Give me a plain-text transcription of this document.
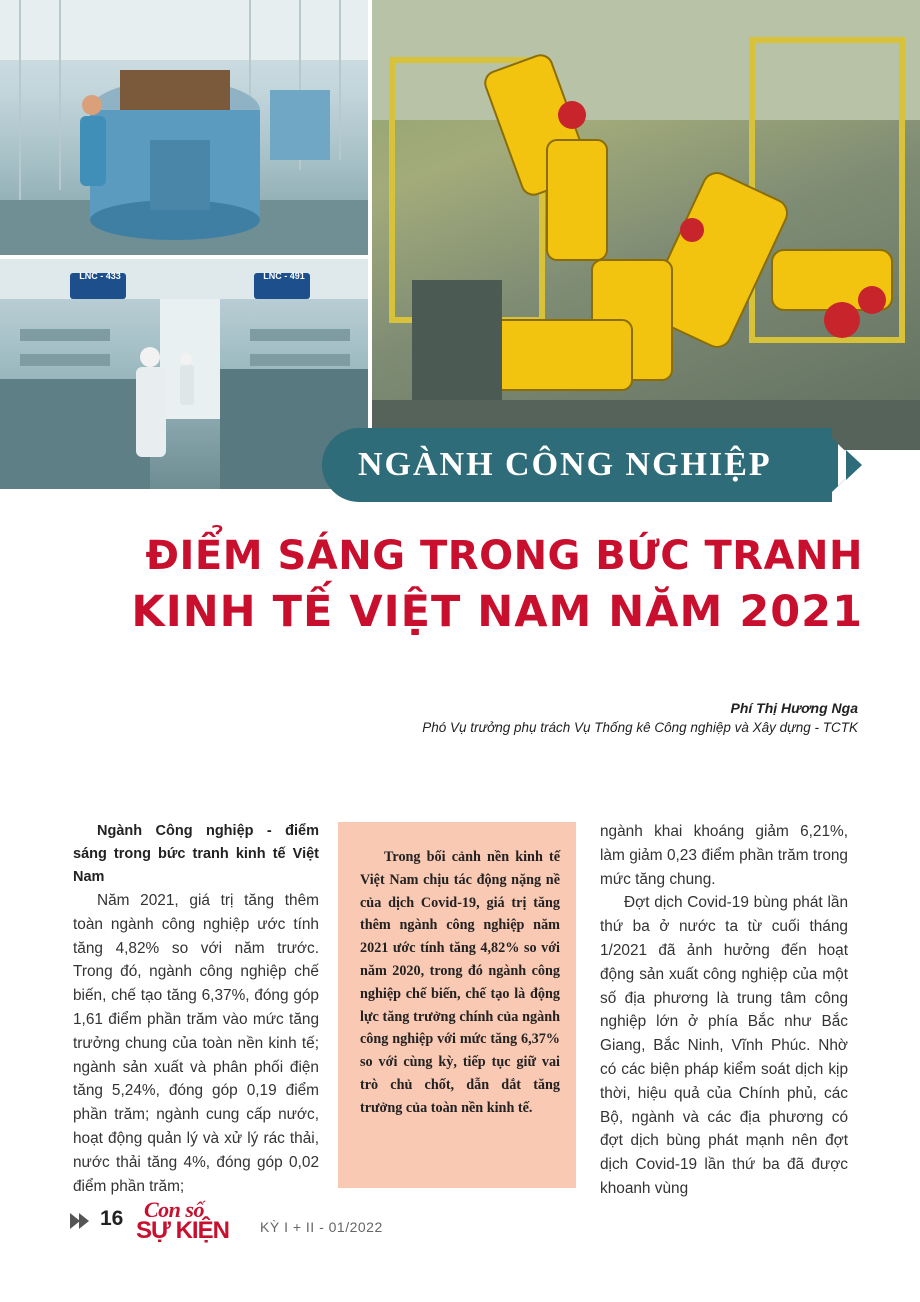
LNC - 433	LNC - 491
NGÀNH CÔNG NGHIỆP
ĐIỂM SÁNG TRONG BỨC TRANH
KINH TẾ VIỆT NAM NĂM 2021
Phí Thị Hương Nga
Phó Vụ trưởng phụ trách Vụ Thống kê Công nghiệp và Xây dựng - TCTK
Ngành Công nghiệp - điểm sáng trong bức tranh kinh tế Việt Nam

Năm 2021, giá trị tăng thêm toàn ngành công nghiệp ước tính tăng 4,82% so với năm trước. Trong đó, ngành công nghiệp chế biến, chế tạo tăng 6,37%, đóng góp 1,61 điểm phần trăm vào mức tăng trưởng chung của toàn nền kinh tế; ngành sản xuất và phân phối điện tăng 5,24%, đóng góp 0,19 điểm phần trăm; ngành cung cấp nước, hoạt động quản lý và xử lý rác thải, nước thải tăng 4%, đóng góp 0,02 điểm phần trăm;

Trong bối cảnh nền kinh tế Việt Nam chịu tác động nặng nề của dịch Covid-19, giá trị tăng thêm ngành công nghiệp năm 2021 ước tính tăng 4,82% so với năm 2020, trong đó ngành công nghiệp chế biến, chế tạo là động lực tăng trưởng chính của ngành công nghiệp với mức tăng 6,37% so với cùng kỳ, tiếp tục giữ vai trò chủ chốt, dẫn dắt tăng trưởng của toàn nền kinh tế.

ngành khai khoáng giảm 6,21%, làm giảm 0,23 điểm phần trăm trong mức tăng chung.

Đợt dịch Covid-19 bùng phát lần thứ ba ở nước ta từ cuối tháng 1/2021 đã ảnh hưởng đến hoạt động sản xuất công nghiệp của một số địa phương là trung tâm công nghiệp lớn ở phía Bắc như Bắc Giang, Bắc Ninh, Vĩnh Phúc. Nhờ có các biện pháp kiểm soát dịch kịp thời, hiệu quả của Chính phủ, các Bộ, ngành và các địa phương có đợt dịch bùng phát mạnh nên đợt dịch Covid-19 lần thứ ba đã được khoanh vùng

16 Con số
SỰ KIỆN KỲ I + II - 01/2022
